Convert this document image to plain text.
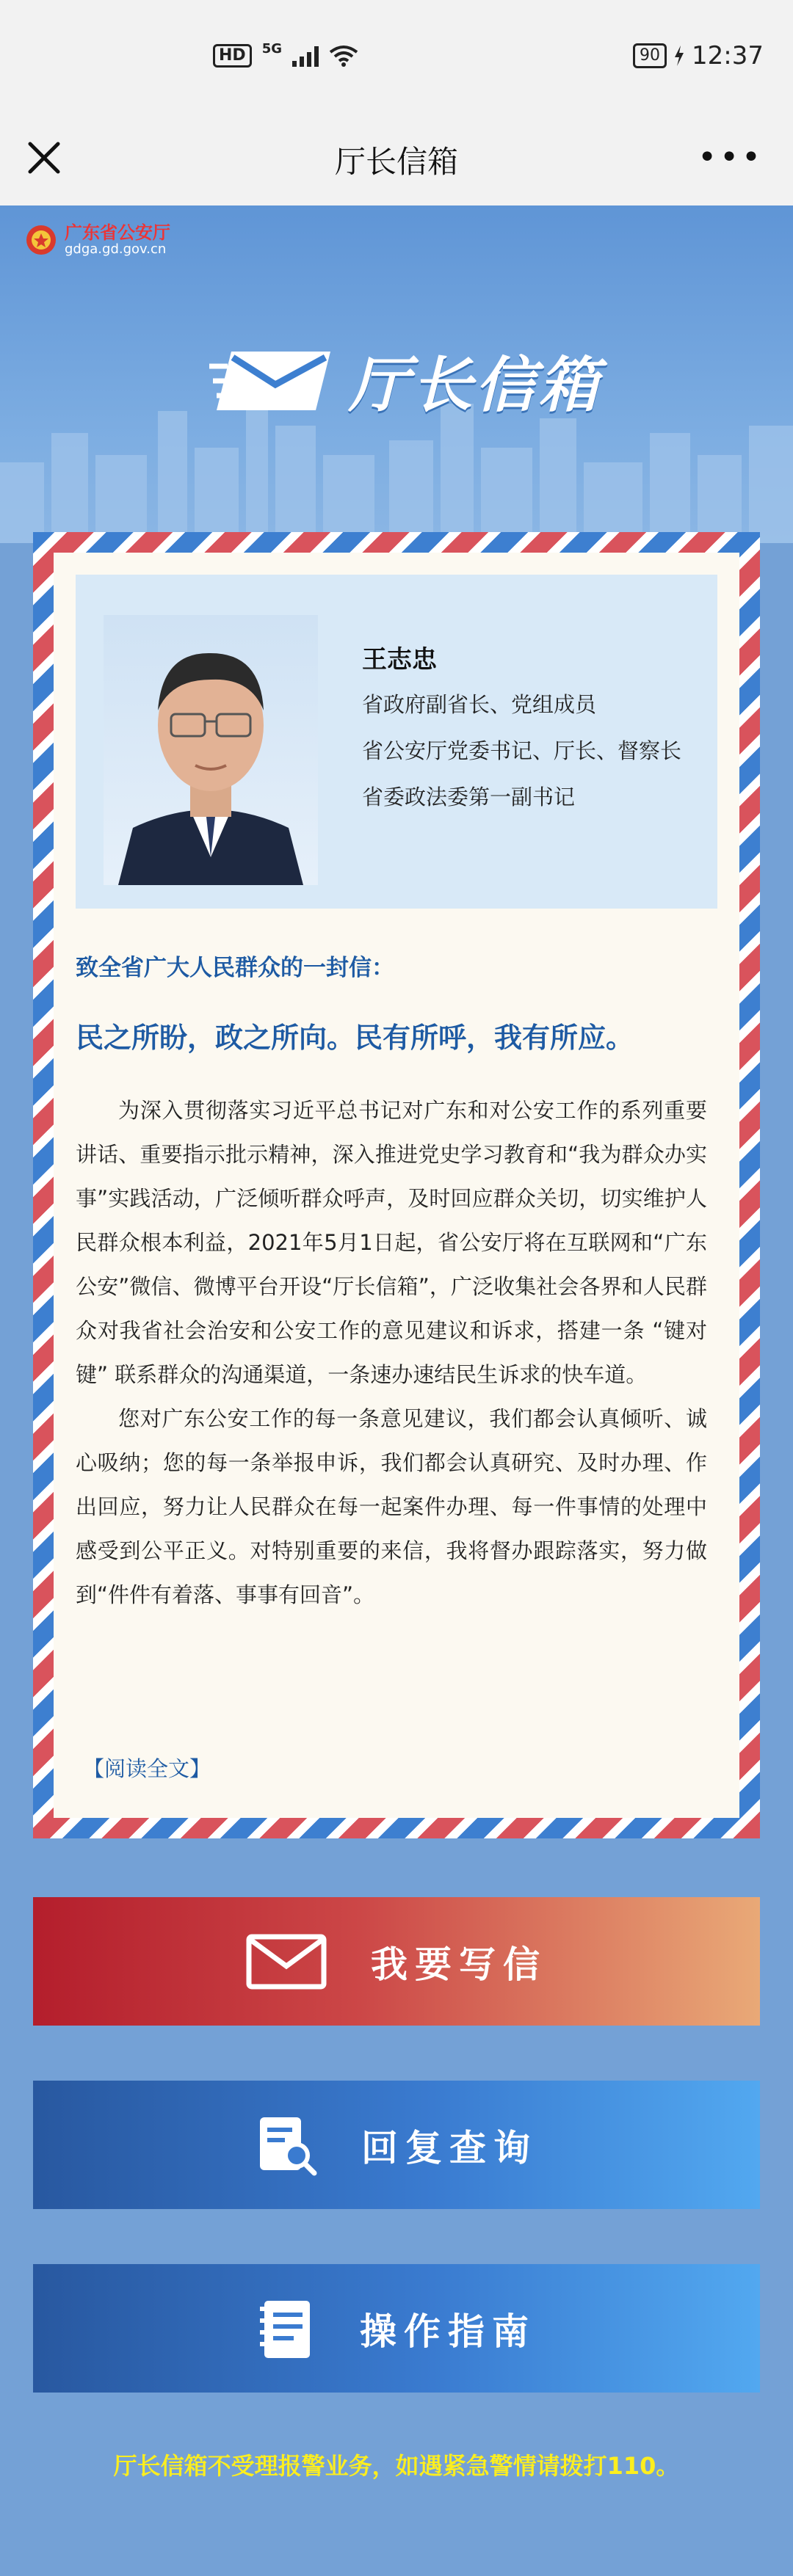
HD	5G	90 12:37
厅长信箱	•••
广东省公安厅
gdga.gd.gov.cn
厅长信箱
王志忠
省政府副省长、党组成员
省公安厅党委书记、厅长、督察长
省委政法委第一副书记
致全省广大人民群众的一封信：
民之所盼，政之所向。民有所呼，我有所应。

为深入贯彻落实习近平总书记对广东和对公安工作的系列重要讲话、重要指示批示精神，深入推进党史学习教育和“我为群众办实事”实践活动，广泛倾听群众呼声，及时回应群众关切，切实维护人民群众根本利益，2021年5月1日起，省公安厅将在互联网和“广东公安”微信、微博平台开设“厅长信箱”，广泛收集社会各界和人民群众对我省社会治安和公安工作的意见建议和诉求，搭建一条 “键对键” 联系群众的沟通渠道，一条速办速结民生诉求的快车道。

您对广东公安工作的每一条意见建议，我们都会认真倾听、诚心吸纳；您的每一条举报申诉，我们都会认真研究、及时办理、作出回应，努力让人民群众在每一起案件办理、每一件事情的处理中感受到公平正义。对特别重要的来信，我将督办跟踪落实，努力做到“件件有着落、事事有回音”。

【阅读全文】
我要写信
回复查询
操作指南
厅长信箱不受理报警业务，如遇紧急警情请拨打110。
